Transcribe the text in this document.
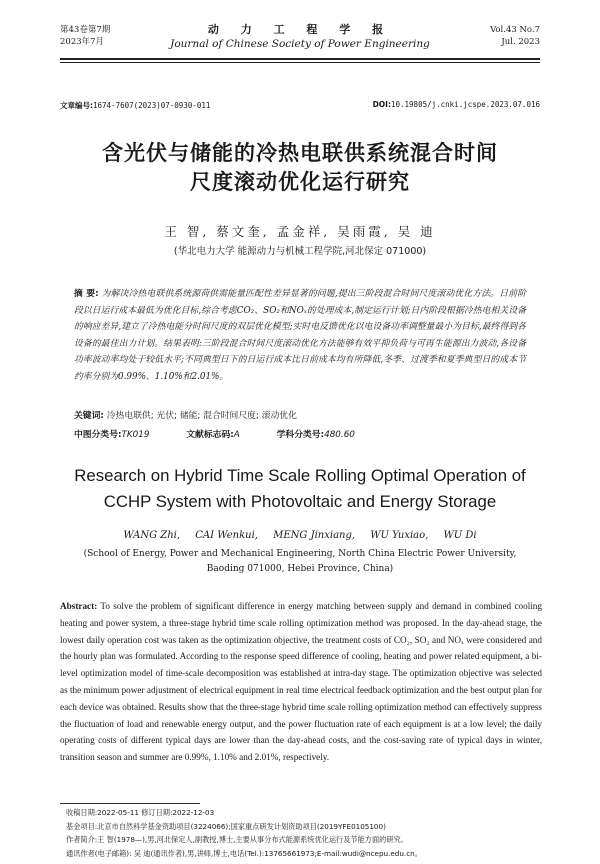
第43卷第7期
2023年7月
动 力 工 程 学 报
Journal of Chinese Society of Power Engineering
Vol.43 No.7
Jul. 2023
文章编号:1674-7607(2023)07-0930-011	DOI:10.19805/j.cnki.jcspe.2023.07.016
含光伏与储能的冷热电联供系统混合时间
尺度滚动优化运行研究
王 智, 蔡文奎, 孟金祥, 吴雨霞, 吴 迪
(华北电力大学 能源动力与机械工程学院,河北保定 071000)
摘 要: 为解决冷热电联供系统源荷供需能量匹配性差异显著的问题,提出三阶段混合时间尺度滚动优化方法。日前阶段以日运行成本最低为优化目标,综合考虑CO₂、SO₂和NOₓ的处理成本,制定运行计划;日内阶段根据冷热电相关设备的响应差异,建立了冷热电能分时间尺度的双层优化模型;实时电反馈优化以电设备功率调整量最小为目标,最终得到各设备的最佳出力计划。结果表明:三阶段混合时间尺度滚动优化方法能够有效平抑负荷与可再生能源出力波动,各设备功率波动率均处于较低水平;不同典型日下的日运行成本比日前成本均有所降低,冬季、过渡季和夏季典型日的成本节约率分别为0.99%、1.10%和2.01%。
关键词: 冷热电联供; 光伏; 储能; 混合时间尺度; 滚动优化
中图分类号:TK019	文献标志码:A	学科分类号:480.60
Research on Hybrid Time Scale Rolling Optimal Operation of
CCHP System with Photovoltaic and Energy Storage
WANG Zhi, CAI Wenkui, MENG Jinxiang, WU Yuxiao, WU Di
(School of Energy, Power and Mechanical Engineering, North China Electric Power University,
Baoding 071000, Hebei Province, China)
Abstract: To solve the problem of significant difference in energy matching between supply and demand in combined cooling heating and power system, a three-stage hybrid time scale rolling optimization method was proposed. In the day-ahead stage, the lowest daily operation cost was taken as the optimization objective, the treatment costs of CO₂, SO₂ and NOₓ were considered and the hourly plan was formulated. According to the response speed difference of cooling, heating and power related equipment, a bi-level optimization model of time-scale decomposition was established at intra-day stage. The optimization objective was selected as the minimum power adjustment of electrical equipment in real time electrical feedback optimization and the best output plan for each device was obtained. Results show that the three-stage hybrid time scale rolling optimization method can effectively suppress the fluctuation of load and renewable energy output, and the power fluctuation rate of each equipment is at a low level; the daily operating costs of different typical days are lower than the day-ahead costs, and the cost-saving rate of typical days in winter, transition season and summer are 0.99%, 1.10% and 2.01%, respectively.
收稿日期:2022-05-11 修订日期:2022-12-03
基金项目:北京市自然科学基金资助项目(3224066);国家重点研发计划资助项目(2019YFE0105100)
作者简介:王 智(1978—),男,河北保定人,副教授,博士,主要从事分布式能源系统优化运行及节能方面的研究。
通讯作者(电子邮箱): 吴 迪(通讯作者),男,讲师,博士,电话(Tel.):13765661973;E-mail:wudi@ncepu.edu.cn。
